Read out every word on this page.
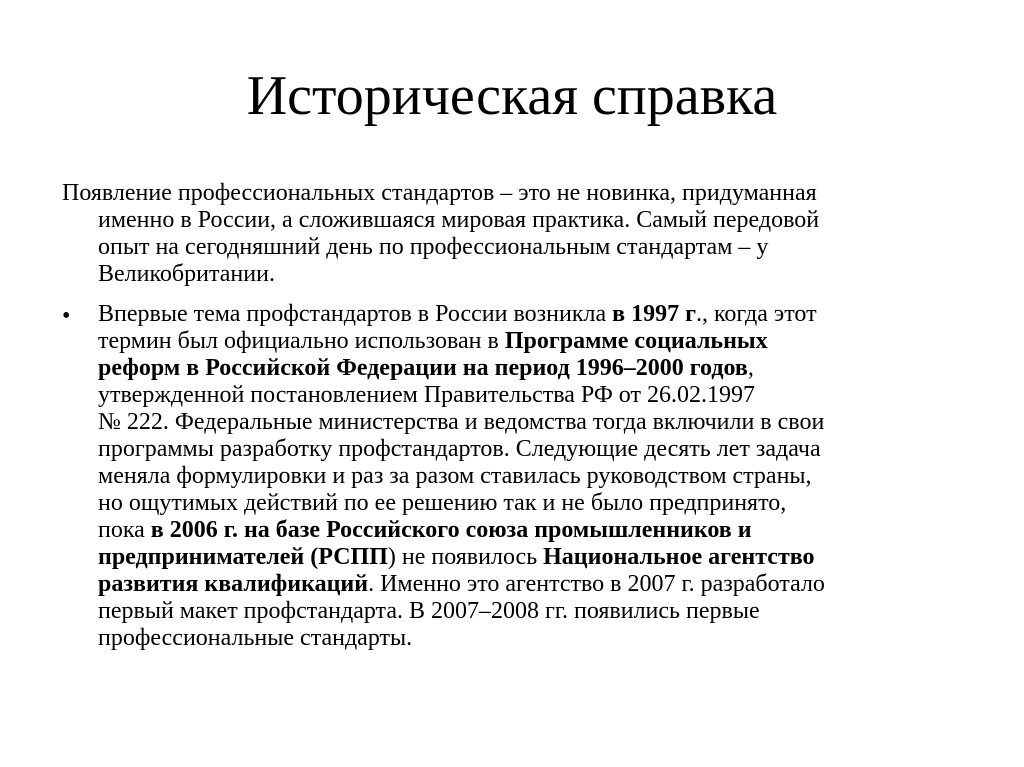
Историческая справка

Появление профессиональных стандартов – это не новинка, придуманная
именно в России, а сложившаяся мировая практика. Самый передовой
опыт на сегодняшний день по профессиональным стандартам – у
Великобритании.

• Впервые тема профстандартов в России возникла в 1997 г., когда этот
термин был официально использован в Программе социальных
реформ в Российской Федерации на период 1996–2000 годов,
утвержденной постановлением Правительства РФ от 26.02.1997
№ 222. Федеральные министерства и ведомства тогда включили в свои
программы разработку профстандартов. Следующие десять лет задача
меняла формулировки и раз за разом ставилась руководством страны,
но ощутимых действий по ее решению так и не было предпринято,
пока в 2006 г. на базе Российского союза промышленников и
предпринимателей (РСПП) не появилось Национальное агентство
развития квалификаций. Именно это агентство в 2007 г. разработало
первый макет профстандарта. В 2007–2008 гг. появились первые
профессиональные стандарты.
